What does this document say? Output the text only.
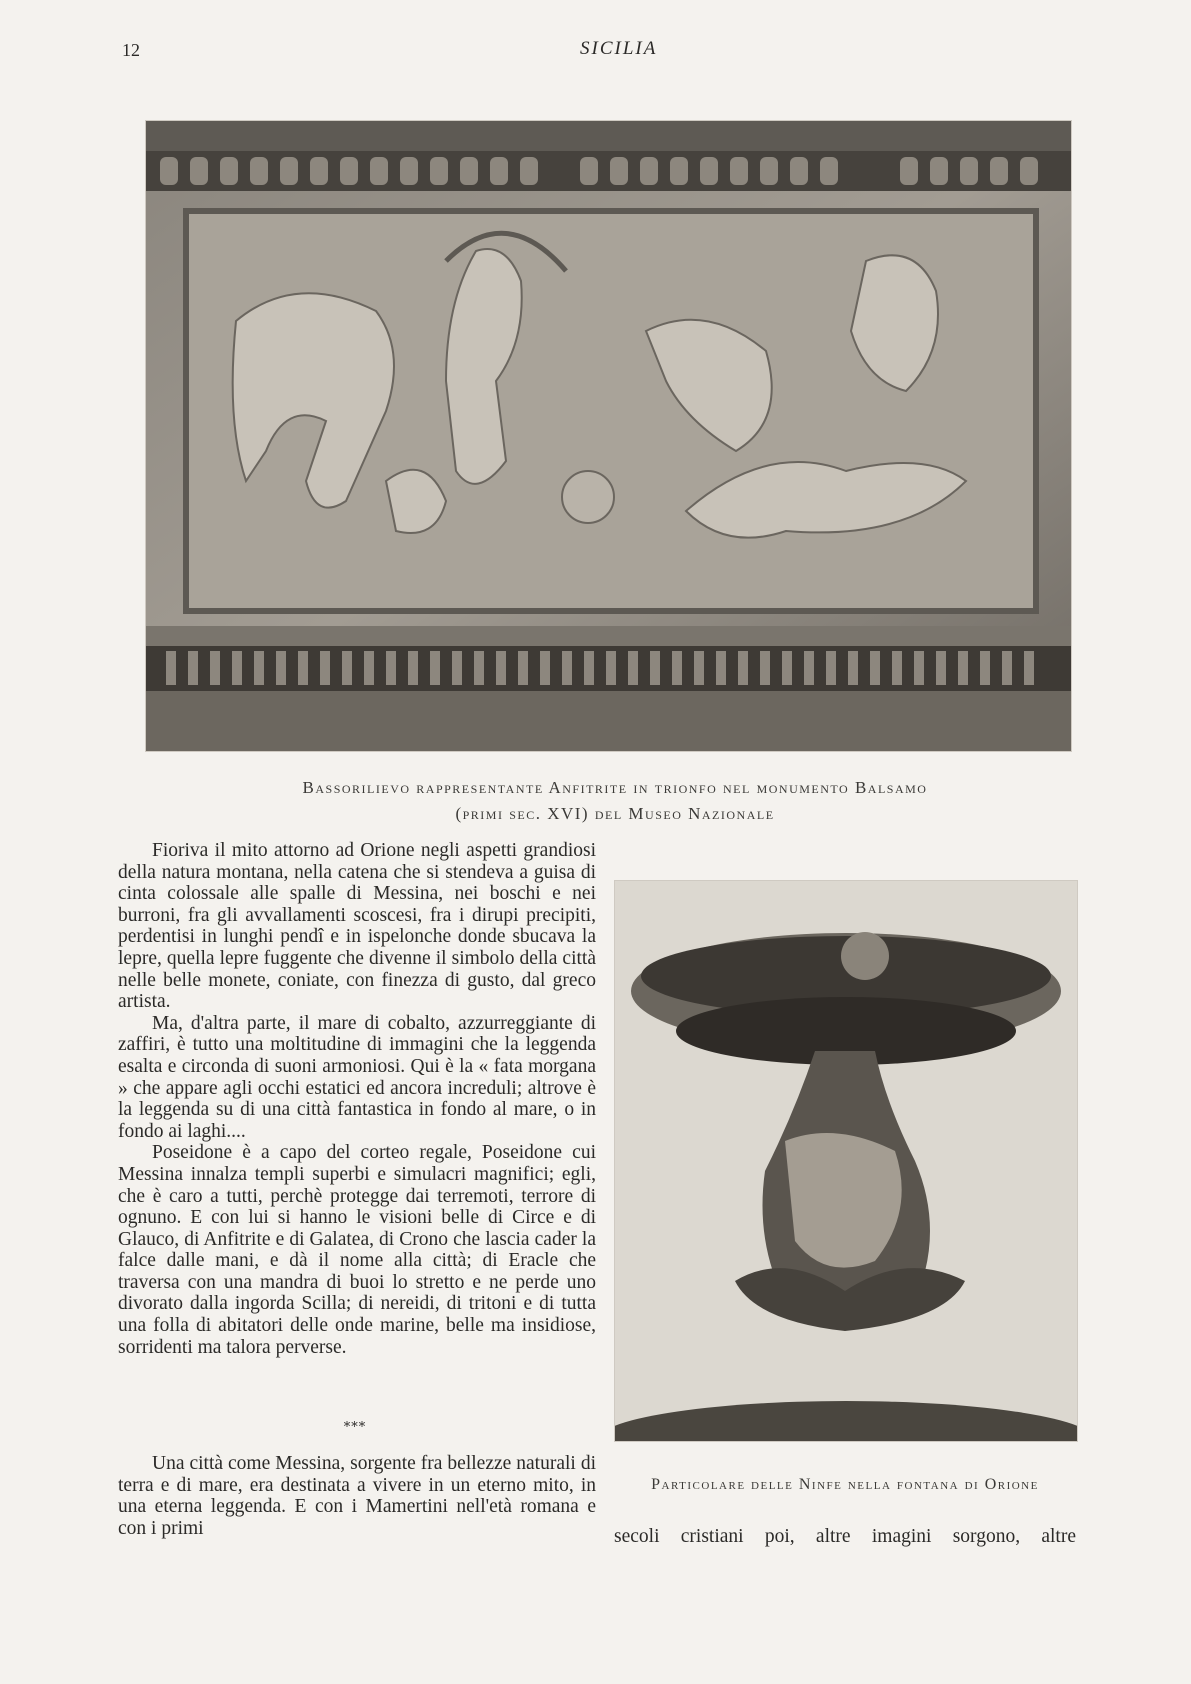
12	SICILIA
Bassorilievo rappresentante Anfitrite in trionfo nel monumento Balsamo
(primi sec. XVI) del Museo Nazionale

Fioriva il mito attorno ad Orione negli aspetti grandiosi della natura montana, nella catena che si stendeva a guisa di cinta colossale alle spalle di Messina, nei boschi e nei burroni, fra gli avvallamenti scoscesi, fra i dirupi precipiti, perdentisi in lunghi pendî e in ispelonche donde sbucava la lepre, quella lepre fuggente che divenne il simbolo della città nelle belle monete, coniate, con finezza di gusto, dal greco artista.

Ma, d'altra parte, il mare di cobalto, azzurreggiante di zaffiri, è tutto una moltitudine di immagini che la leggenda esalta e circonda di suoni armoniosi. Qui è la « fata morgana » che appare agli occhi estatici ed ancora increduli; altrove è la leggenda su di una città fantastica in fondo al mare, o in fondo ai laghi....

Poseidone è a capo del corteo regale, Poseidone cui Messina innalza templi superbi e simulacri magnifici; egli, che è caro a tutti, perchè protegge dai terremoti, terrore di ognuno. E con lui si hanno le visioni belle di Circe e di Glauco, di Anfitrite e di Galatea, di Crono che lascia cader la falce dalle mani, e dà il nome alla città; di Eracle che traversa con una mandra di buoi lo stretto e ne perde uno divorato dalla ingorda Scilla; di nereidi, di tritoni e di tutta una folla di abitatori delle onde marine, belle ma insidiose, sorridenti ma talora perverse.

***

Una città come Messina, sorgente fra bellezze naturali di terra e di mare, era destinata a vivere in un eterno mito, in una eterna leggenda. E con i Mamertini nell'età romana e con i primi

Particolare delle Ninfe nella fontana di Orione
secoli cristiani poi, altre imagini sorgono, altre
